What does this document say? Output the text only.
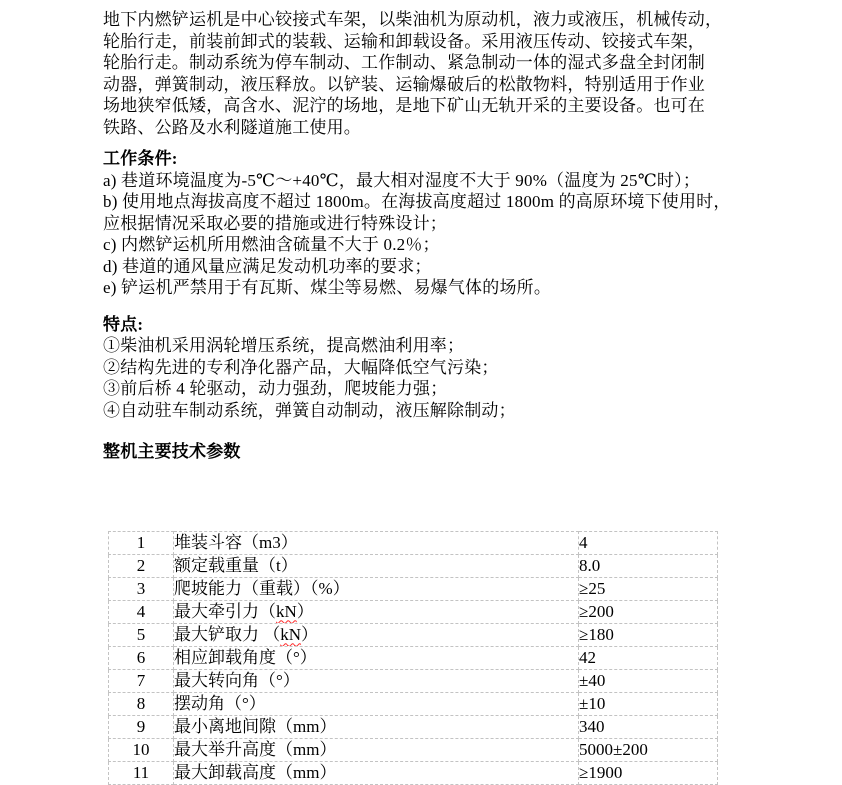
地下内燃铲运机是中心铰接式车架，以柴油机为原动机，液力或液压，机械传动，
轮胎行走，前装前卸式的装载、运输和卸载设备。采用液压传动、铰接式车架，
轮胎行走。制动系统为停车制动、工作制动、紧急制动一体的湿式多盘全封闭制
动器，弹簧制动，液压释放。以铲装、运输爆破后的松散物料，特别适用于作业
场地狭窄低矮，高含水、泥泞的场地，是地下矿山无轨开采的主要设备。也可在
铁路、公路及水利隧道施工使用。
工作条件:
a) 巷道环境温度为-5℃～+40℃，最大相对湿度不大于 90%（温度为 25℃时）；
b) 使用地点海拔高度不超过 1800m。在海拔高度超过 1800m 的高原环境下使用时，
应根据情况采取必要的措施或进行特殊设计；
c) 内燃铲运机所用燃油含硫量不大于 0.2％；
d) 巷道的通风量应满足发动机功率的要求；
e) 铲运机严禁用于有瓦斯、煤尘等易燃、易爆气体的场所。
特点:
①柴油机采用涡轮增压系统，提高燃油利用率；
②结构先进的专利净化器产品，大幅降低空气污染；
③前后桥 4 轮驱动，动力强劲，爬坡能力强；
④自动驻车制动系统，弹簧自动制动，液压解除制动；
整机主要技术参数
1	堆装斗容（m3）	4
2	额定载重量（t）	8.0
3	爬坡能力（重载）（%）	≥25
4	最大牵引力（kN）	≥200
5	最大铲取力 （kN）	≥180
6	相应卸载角度（°）	42
7	最大转向角（°）	±40
8	摆动角（°）	±10
9	最小离地间隙（mm）	340
10	最大举升高度（mm）	5000±200
11	最大卸载高度（mm）	≥1900
